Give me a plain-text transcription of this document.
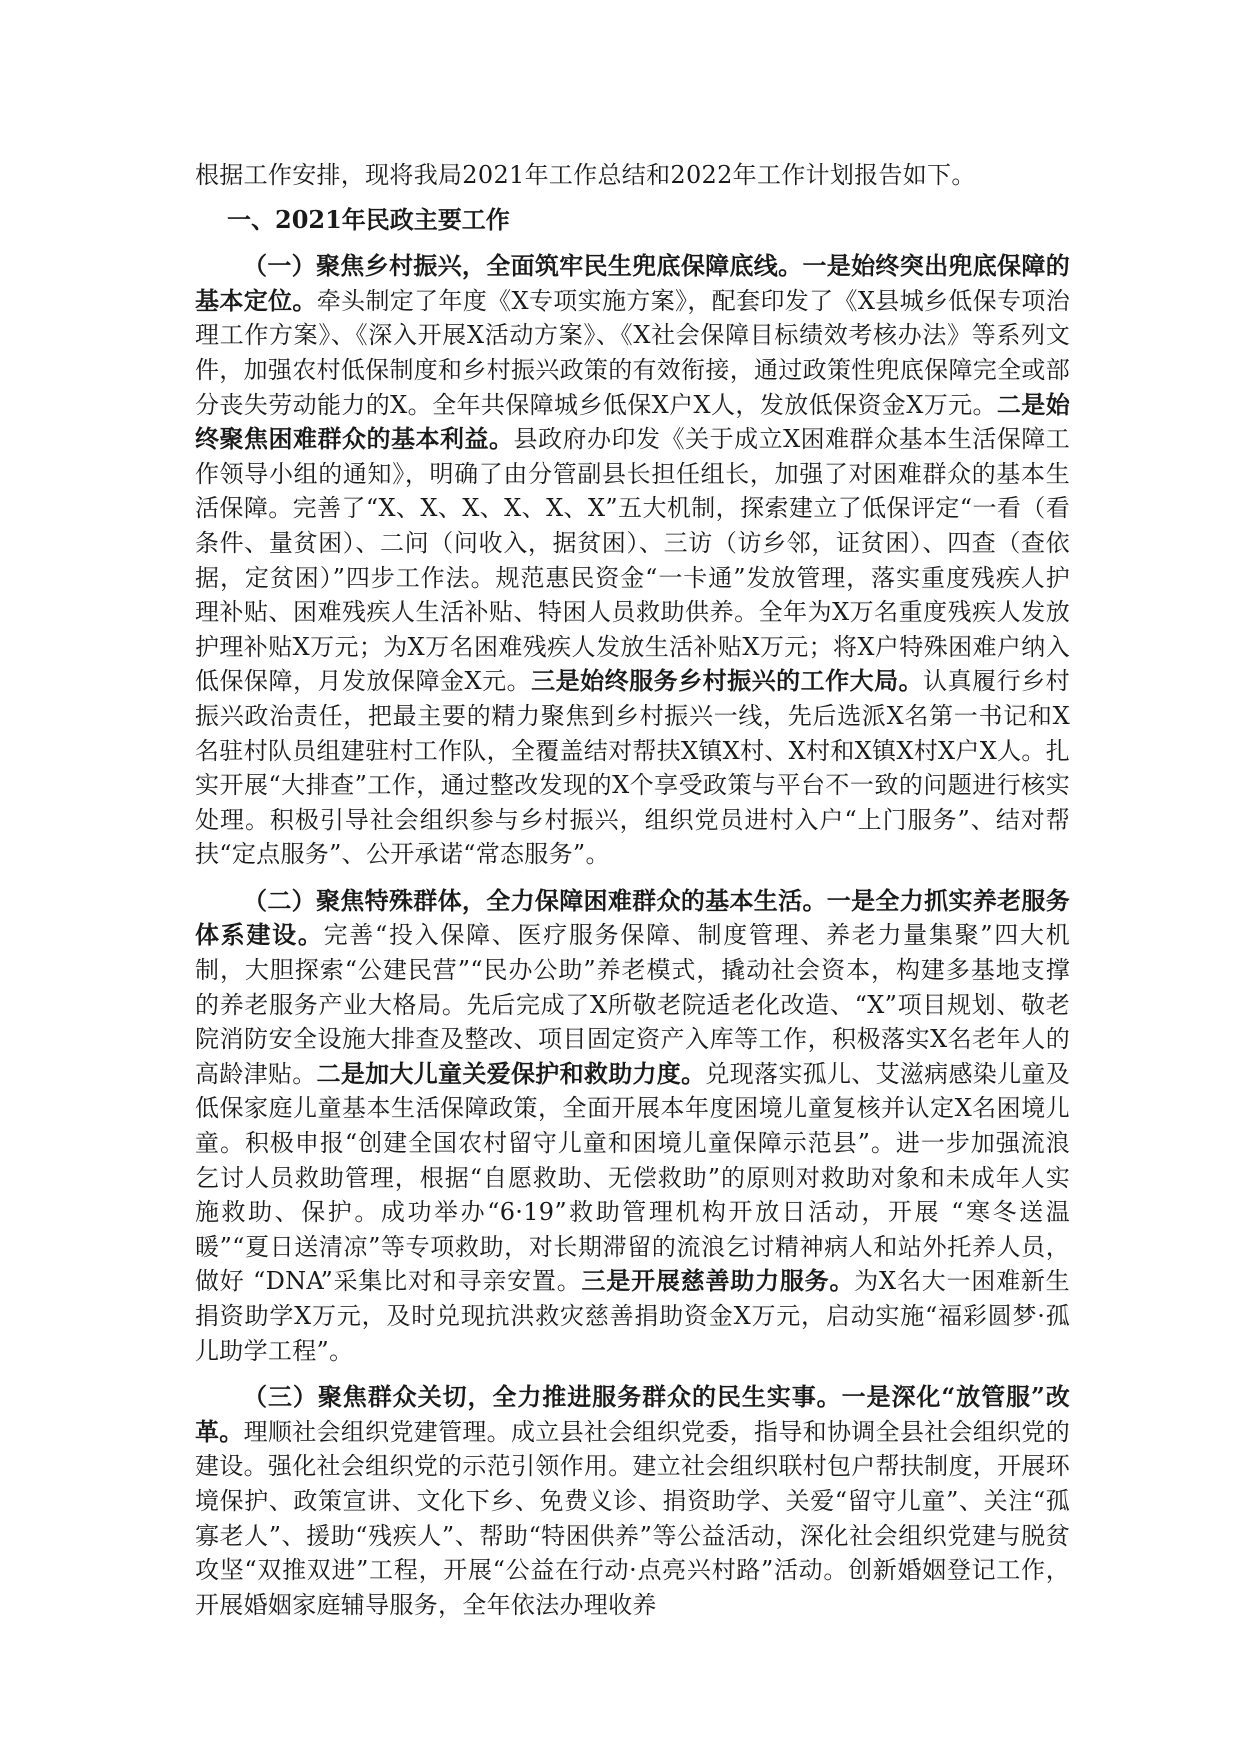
根据工作安排，现将我局2021年工作总结和2022年工作计划报告如下。

一、2021年民政主要工作

（一）聚焦乡村振兴，全面筑牢民生兜底保障底线。一是始终突出兜底保障的基本定位。牵头制定了年度《X专项实施方案》，配套印发了《X县城乡低保专项治理工作方案》、《深入开展X活动方案》、《X社会保障目标绩效考核办法》等系列文件，加强农村低保制度和乡村振兴政策的有效衔接，通过政策性兜底保障完全或部分丧失劳动能力的X。全年共保障城乡低保X户X人，发放低保资金X万元。二是始终聚焦困难群众的基本利益。县政府办印发《关于成立X困难群众基本生活保障工作领导小组的通知》，明确了由分管副县长担任组长，加强了对困难群众的基本生活保障。完善了“X、X、X、X、X、X”五大机制，探索建立了低保评定“一看（看条件、量贫困）、二问（问收入，据贫困）、三访（访乡邻，证贫困）、四查（查依据，定贫困）”四步工作法。规范惠民资金“一卡通”发放管理，落实重度残疾人护理补贴、困难残疾人生活补贴、特困人员救助供养。全年为X万名重度残疾人发放护理补贴X万元；为X万名困难残疾人发放生活补贴X万元；将X户特殊困难户纳入低保保障，月发放保障金X元。三是始终服务乡村振兴的工作大局。认真履行乡村振兴政治责任，把最主要的精力聚焦到乡村振兴一线，先后选派X名第一书记和X名驻村队员组建驻村工作队，全覆盖结对帮扶X镇X村、X村和X镇X村X户X人。扎实开展“大排查”工作，通过整改发现的X个享受政策与平台不一致的问题进行核实处理。积极引导社会组织参与乡村振兴，组织党员进村入户“上门服务”、结对帮扶“定点服务”、公开承诺“常态服务”。

（二）聚焦特殊群体，全力保障困难群众的基本生活。一是全力抓实养老服务体系建设。完善“投入保障、医疗服务保障、制度管理、养老力量集聚”四大机制，大胆探索“公建民营”“民办公助”养老模式，撬动社会资本，构建多基地支撑的养老服务产业大格局。先后完成了X所敬老院适老化改造、“X”项目规划、敬老院消防安全设施大排查及整改、项目固定资产入库等工作，积极落实X名老年人的高龄津贴。二是加大儿童关爱保护和救助力度。兑现落实孤儿、艾滋病感染儿童及低保家庭儿童基本生活保障政策，全面开展本年度困境儿童复核并认定X名困境儿童。积极申报“创建全国农村留守儿童和困境儿童保障示范县”。进一步加强流浪乞讨人员救助管理，根据“自愿救助、无偿救助”的原则对救助对象和未成年人实施救助、保护。成功举办“6·19”救助管理机构开放日活动，开展 “寒冬送温暖”“夏日送清凉”等专项救助，对长期滞留的流浪乞讨精神病人和站外托养人员，做好 “DNA”采集比对和寻亲安置。三是开展慈善助力服务。为X名大一困难新生捐资助学X万元，及时兑现抗洪救灾慈善捐助资金X万元，启动实施“福彩圆梦·孤儿助学工程”。

（三）聚焦群众关切，全力推进服务群众的民生实事。一是深化“放管服”改革。理顺社会组织党建管理。成立县社会组织党委，指导和协调全县社会组织党的建设。强化社会组织党的示范引领作用。建立社会组织联村包户帮扶制度，开展环境保护、政策宣讲、文化下乡、免费义诊、捐资助学、关爱“留守儿童”、关注“孤寡老人”、援助“残疾人”、帮助“特困供养”等公益活动，深化社会组织党建与脱贫攻坚“双推双进”工程，开展“公益在行动·点亮兴村路”活动。创新婚姻登记工作，开展婚姻家庭辅导服务，全年依法办理收养
